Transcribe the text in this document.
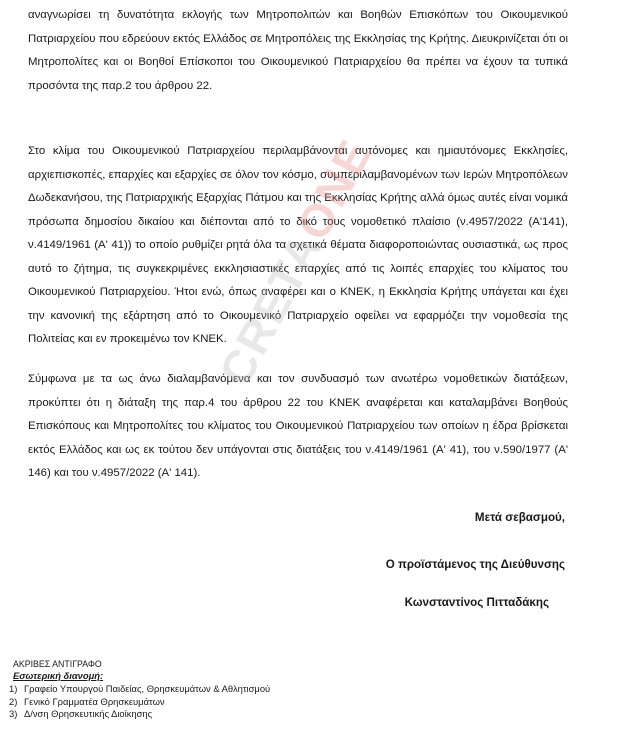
αναγνωρίσει τη δυνατότητα εκλογής των Μητροπολιτών και Βοηθών Επισκόπων του Οικουμενικού Πατριαρχείου που εδρεύουν εκτός Ελλάδος σε Μητροπόλεις της Εκκλησίας της Κρήτης. Διευκρινίζεται ότι οι Μητροπολίτες και οι Βοηθοί Επίσκοποι του Οικουμενικού Πατριαρχείου θα πρέπει να έχουν τα τυπικά προσόντα της παρ.2 του άρθρου 22.

Στο κλίμα του Οικουμενικού Πατριαρχείου περιλαμβάνονται αυτόνομες και ημιαυτόνομες Εκκλησίες, αρχιεπισκοπές, επαρχίες και εξαρχίες σε όλον τον κόσμο, συμπεριλαμβανομένων των Ιερών Μητροπόλεων Δωδεκανήσου, της Πατριαρχικής Εξαρχίας Πάτμου και της Εκκλησίας Κρήτης αλλά όμως αυτές είναι νομικά πρόσωπα δημοσίου δικαίου και διέπονται από το δικό τους νομοθετικό πλαίσιο (ν.4957/2022 (Α'141), ν.4149/1961 (Α' 41)) το οποίο ρυθμίζει ρητά όλα τα σχετικά θέματα διαφοροποιώντας ουσιαστικά, ως προς αυτό το ζήτημα, τις συγκεκριμένες εκκλησιαστικές επαρχίες από τις λοιπές επαρχίες του κλίματος του Οικουμενικού Πατριαρχείου. Ήτοι ενώ, όπως αναφέρει και ο ΚΝΕΚ, η Εκκλησία Κρήτης υπάγεται και έχει την κανονική της εξάρτηση από το Οικουμενικό Πατριαρχείο οφείλει να εφαρμόζει την νομοθεσία της Πολιτείας και εν προκειμένω τον ΚΝΕΚ.

Σύμφωνα με τα ως άνω διαλαμβανόμενα και τον συνδυασμό των ανωτέρω νομοθετικών διατάξεων, προκύπτει ότι η διάταξη της παρ.4 του άρθρου 22 του ΚΝΕΚ αναφέρεται και καταλαμβάνει Βοηθούς Επισκόπους και Μητροπολίτες του κλίματος του Οικουμενικού Πατριαρχείου των οποίων η έδρα βρίσκεται εκτός Ελλάδος και ως εκ τούτου δεν υπάγονται στις διατάξεις του ν.4149/1961 (Α' 41), του ν.590/1977 (Α' 146) και του ν.4957/2022 (Α' 141).

Μετά σεβασμού,
Ο προϊστάμενος της Διεύθυνσης
Κωνσταντίνος Πιτταδάκης
ΑΚΡΙΒΕΣ ΑΝΤΙΓΡΑΦΟ
Εσωτερική διανομή:
1) Γραφείο Υπουργού Παιδείας, Θρησκευμάτων & Αθλητισμού
2) Γενικό Γραμματέα Θρησκευμάτων
3) Δ/νση Θρησκευτικής Διοίκησης
CRETAONE
